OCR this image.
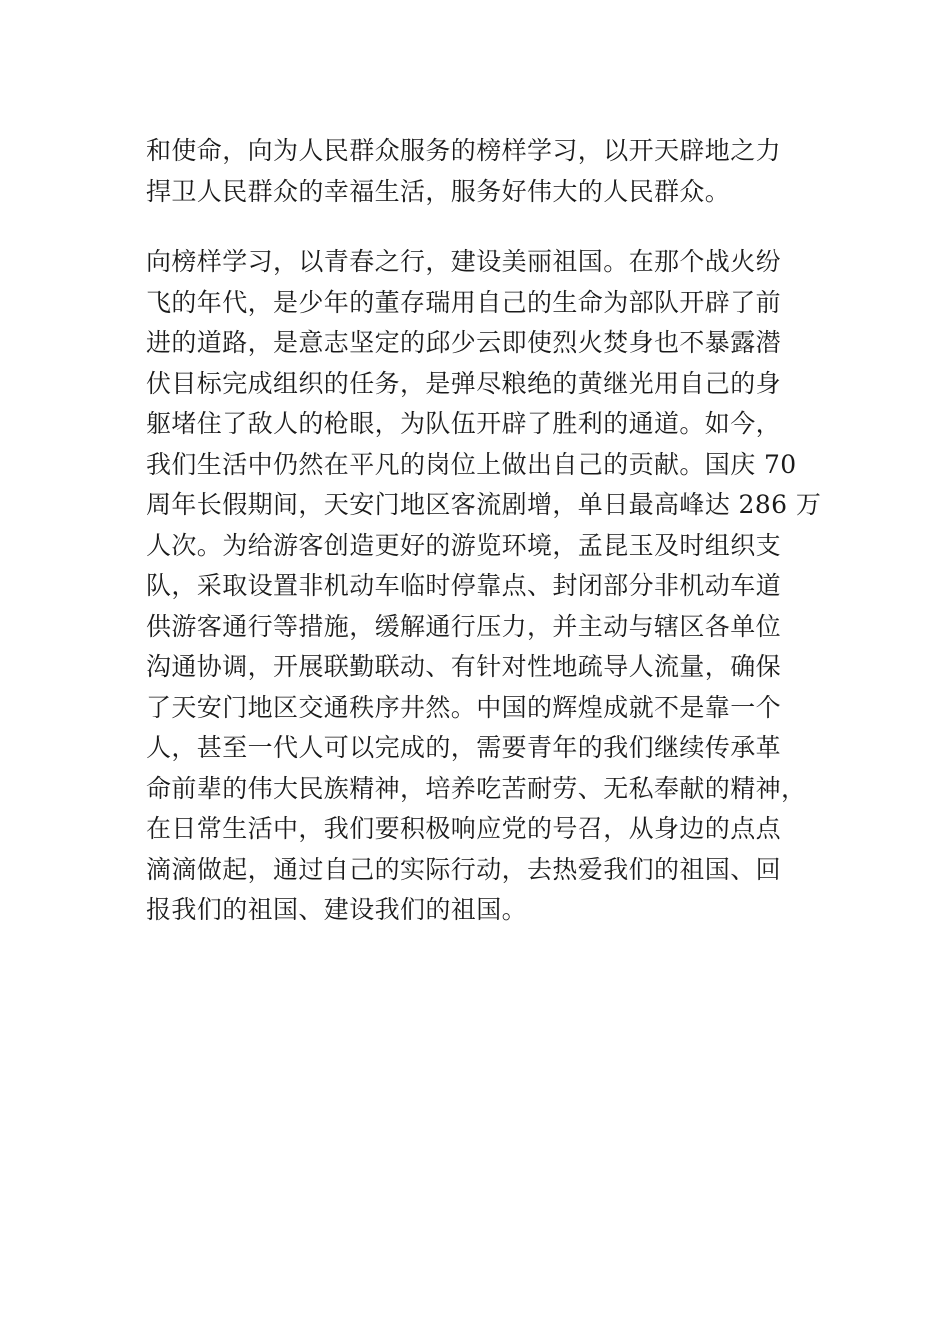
和使命，向为人民群众服务的榜样学习，以开天辟地之力
捍卫人民群众的幸福生活，服务好伟大的人民群众。
向榜样学习，以青春之行，建设美丽祖国。在那个战火纷
飞的年代，是少年的董存瑞用自己的生命为部队开辟了前
进的道路，是意志坚定的邱少云即使烈火焚身也不暴露潜
伏目标完成组织的任务，是弹尽粮绝的黄继光用自己的身
躯堵住了敌人的枪眼，为队伍开辟了胜利的通道。如今，
我们生活中仍然在平凡的岗位上做出自己的贡献。国庆 70
周年长假期间，天安门地区客流剧增，单日最高峰达 286 万
人次。为给游客创造更好的游览环境，孟昆玉及时组织支
队，采取设置非机动车临时停靠点、封闭部分非机动车道
供游客通行等措施，缓解通行压力，并主动与辖区各单位
沟通协调，开展联勤联动、有针对性地疏导人流量，确保
了天安门地区交通秩序井然。中国的辉煌成就不是靠一个
人，甚至一代人可以完成的，需要青年的我们继续传承革
命前辈的伟大民族精神，培养吃苦耐劳、无私奉献的精神，
在日常生活中，我们要积极响应党的号召，从身边的点点
滴滴做起，通过自己的实际行动，去热爱我们的祖国、回
报我们的祖国、建设我们的祖国。
